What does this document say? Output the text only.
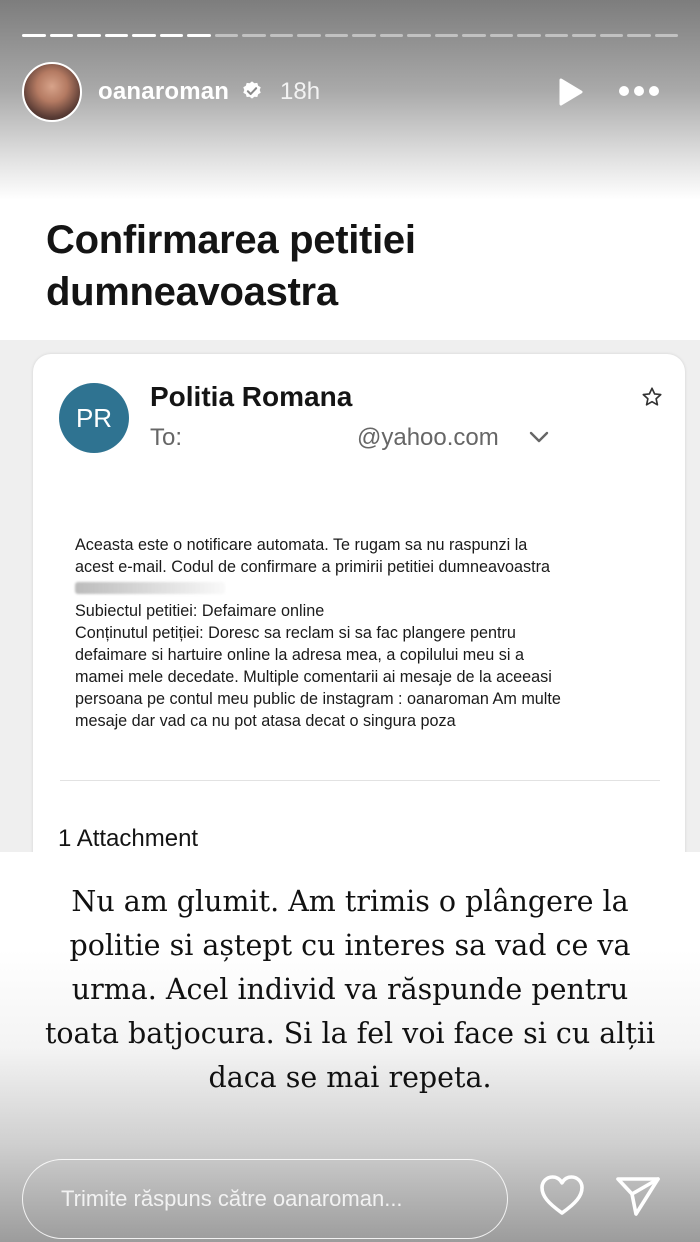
oanaroman 18h
Confirmarea petitiei dumneavoastra
PR
Politia Romana
To:	@yahoo.com
Aceasta este o notificare automata. Te rugam sa nu raspunzi la
acest e-mail. Codul de confirmare a primirii petitiei dumneavoastra
Subiectul petitiei: Defaimare online
Conținutul petiției: Doresc sa reclam si sa fac plangere pentru
defaimare si hartuire online la adresa mea, a copilului meu si a
mamei mele decedate. Multiple comentarii ai mesaje de la aceeasi
persoana pe contul meu public de instagram : oanaroman Am multe
mesaje dar vad ca nu pot atasa decat o singura poza
1 Attachment
Nu am glumit. Am trimis o plângere la
politie si aștept cu interes sa vad ce va
urma. Acel individ va răspunde pentru
toata batjocura. Si la fel voi face si cu alții
daca se mai repeta.
Trimite răspuns către oanaroman...
